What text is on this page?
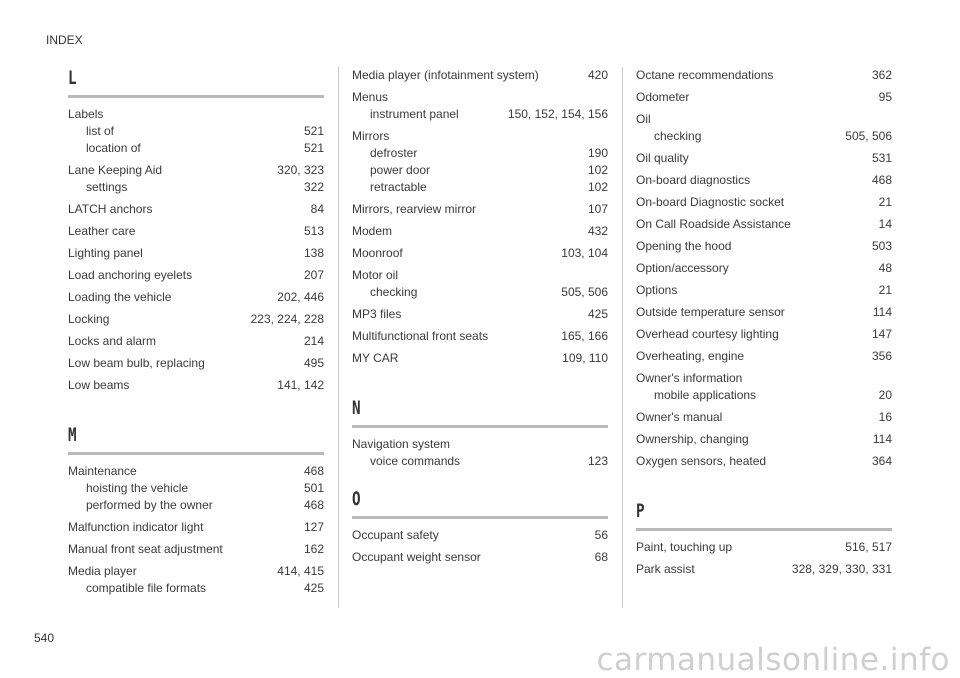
INDEX
L
Labels
list of	521
location of	521
Lane Keeping Aid	320, 323
settings	322
LATCH anchors	84
Leather care	513
Lighting panel	138
Load anchoring eyelets	207
Loading the vehicle	202, 446
Locking	223, 224, 228
Locks and alarm	214
Low beam bulb, replacing	495
Low beams	141, 142
M
Maintenance	468
hoisting the vehicle	501
performed by the owner	468
Malfunction indicator light	127
Manual front seat adjustment	162
Media player	414, 415
compatible file formats	425
Media player (infotainment system)	420
Menus
instrument panel	150, 152, 154, 156
Mirrors
defroster	190
power door	102
retractable	102
Mirrors, rearview mirror	107
Modem	432
Moonroof	103, 104
Motor oil
checking	505, 506
MP3 files	425
Multifunctional front seats	165, 166
MY CAR	109, 110
N
Navigation system
voice commands	123
O
Occupant safety	56
Occupant weight sensor	68
Octane recommendations	362
Odometer	95
Oil
checking	505, 506
Oil quality	531
On-board diagnostics	468
On-board Diagnostic socket	21
On Call Roadside Assistance	14
Opening the hood	503
Option/accessory	48
Options	21
Outside temperature sensor	114
Overhead courtesy lighting	147
Overheating, engine	356
Owner's information
mobile applications	20
Owner's manual	16
Ownership, changing	114
Oxygen sensors, heated	364
P
Paint, touching up	516, 517
Park assist	328, 329, 330, 331
540
carmanualsonline.info
